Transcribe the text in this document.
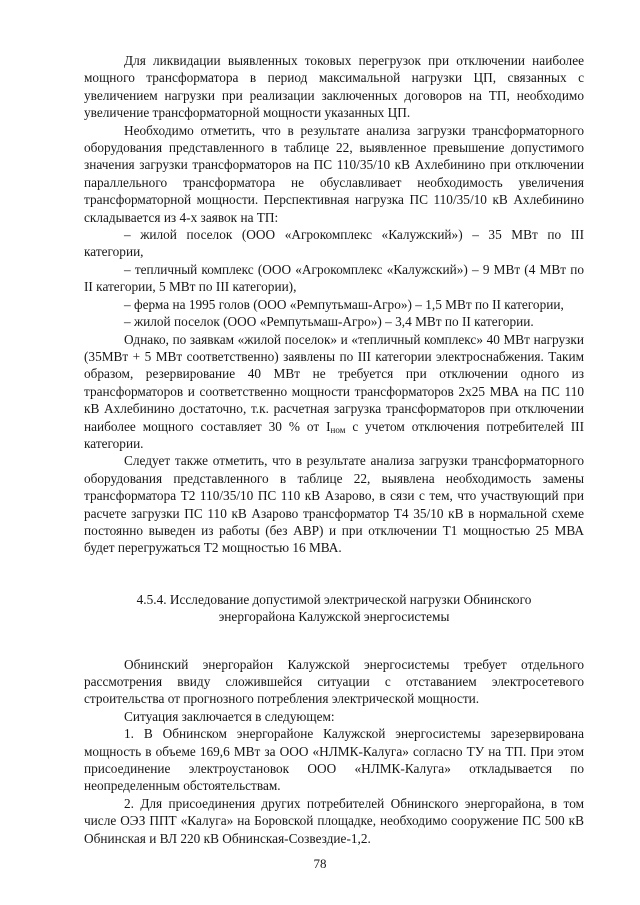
Для ликвидации выявленных токовых перегрузок при отключении наиболее мощного трансформатора в период максимальной нагрузки ЦП, связанных с увеличением нагрузки при реализации заключенных договоров на ТП, необходимо увеличение трансформаторной мощности указанных ЦП.

Необходимо отметить, что в результате анализа загрузки трансформаторного оборудования представленного в таблице 22, выявленное превышение допустимого значения загрузки трансформаторов на ПС 110/35/10 кВ Ахлебинино при отключении параллельного трансформатора не обуславливает необходимость увеличения трансформаторной мощности. Перспективная нагрузка ПС 110/35/10 кВ Ахлебинино складывается из 4-х заявок на ТП:

– жилой поселок (ООО «Агрокомплекс «Калужский») – 35 МВт по III категории,

– тепличный комплекс (ООО «Агрокомплекс «Калужский») – 9 МВт (4 МВт по II категории, 5 МВт по III категории),

– ферма на 1995 голов (ООО «Ремпутьмаш-Агро») – 1,5 МВт по II категории,

– жилой поселок (ООО «Ремпутьмаш-Агро») – 3,4 МВт по II категории.

Однако, по заявкам «жилой поселок» и «тепличный комплекс» 40 МВт нагрузки (35МВт + 5 МВт соответственно) заявлены по III категории электроснабжения. Таким образом, резервирование 40 МВт не требуется при отключении одного из трансформаторов и соответственно мощности трансформаторов 2х25 МВА на ПС 110 кВ Ахлебинино достаточно, т.к. расчетная загрузка трансформаторов при отключении наиболее мощного составляет 30 % от $I_{ном}$ с учетом отключения потребителей III категории.

Следует также отметить, что в результате анализа загрузки трансформаторного оборудования представленного в таблице 22, выявлена необходимость замены трансформатора Т2 110/35/10 ПС 110 кВ Азарово, в сязи с тем, что участвующий при расчете загрузки ПС 110 кВ Азарово трансформатор Т4 35/10 кВ в нормальной схеме постоянно выведен из работы (без АВР) и при отключении Т1 мощностью 25 МВА будет перегружаться Т2 мощностью 16 МВА.

4.5.4. Исследование допустимой электрической нагрузки Обнинского
энергорайона Калужской энергосистемы

Обнинский энергорайон Калужской энергосистемы требует отдельного рассмотрения ввиду сложившейся ситуации с отставанием электросетевого строительства от прогнозного потребления электрической мощности.

Ситуация заключается в следующем:

1. В Обнинском энергорайоне Калужской энергосистемы зарезервирована мощность в объеме 169,6 МВт за ООО «НЛМК-Калуга» согласно ТУ на ТП. При этом присоединение электроустановок ООО «НЛМК-Калуга» откладывается по неопределенным обстоятельствам.

2. Для присоединения других потребителей Обнинского энергорайона, в том числе ОЭЗ ППТ «Калуга» на Боровской площадке, необходимо сооружение ПС 500 кВ Обнинская и ВЛ 220 кВ Обнинская-Созвездие-1,2.

78
